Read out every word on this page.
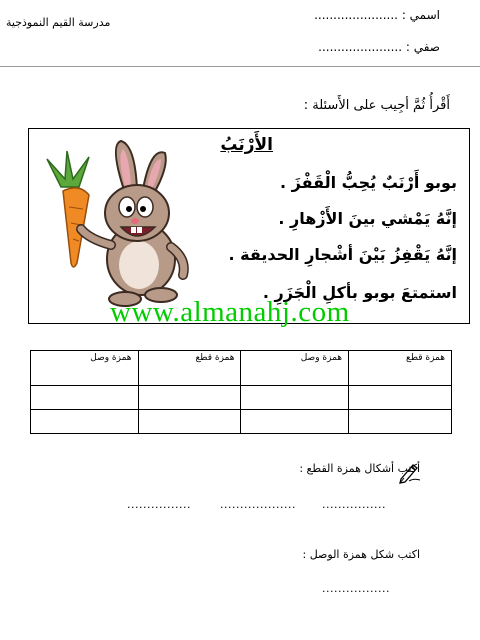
مدرسة القيم النموذجية
اسمي : ......................
صفي : ......................
أَقْرأُ ثُمَّ أجِيب على الأَسئلة :
الأَرْنَبُ
بوبو أَرْنَبٌ يُحِبُّ الْقَفْزَ .
إنَّهُ يَمْشي بينَ الأَزْهارِ .
إنَّهُ يَقْفِزُ بَيْنَ أشْجارِ الحديقة .
استمتعَ بوبو بأكلِ الْجَزَرِ .
www.almanahj.com
همزة وصل	همزة قطع	همزة وصل	همزة قطع

أكتب أشكال همزة القطع :
................	................... ................
اكتب شكل همزة الوصل :
.................
